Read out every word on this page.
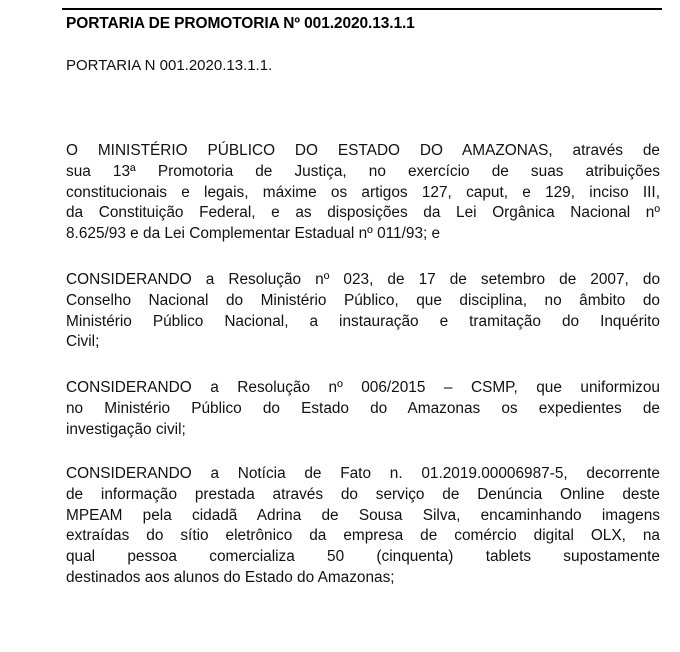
PORTARIA DE PROMOTORIA Nº 001.2020.13.1.1
PORTARIA N 001.2020.13.1.1.

O MINISTÉRIO PÚBLICO DO ESTADO DO AMAZONAS, através de
sua 13ª Promotoria de Justiça, no exercício de suas atribuições
constitucionais e legais, máxime os artigos 127, caput, e 129, inciso III,
da Constituição Federal, e as disposições da Lei Orgânica Nacional nº
8.625/93 e da Lei Complementar Estadual nº 011/93; e

CONSIDERANDO a Resolução nº 023, de 17 de setembro de 2007, do
Conselho Nacional do Ministério Público, que disciplina, no âmbito do
Ministério Público Nacional, a instauração e tramitação do Inquérito
Civil;

CONSIDERANDO a Resolução nº 006/2015 – CSMP, que uniformizou
no Ministério Público do Estado do Amazonas os expedientes de
investigação civil;

CONSIDERANDO a Notícia de Fato n. 01.2019.00006987-5, decorrente
de informação prestada através do serviço de Denúncia Online deste
MPEAM pela cidadã Adrina de Sousa Silva, encaminhando imagens
extraídas do sítio eletrônico da empresa de comércio digital OLX, na
qual pessoa comercializa 50 (cinquenta) tablets supostamente
destinados aos alunos do Estado do Amazonas;
